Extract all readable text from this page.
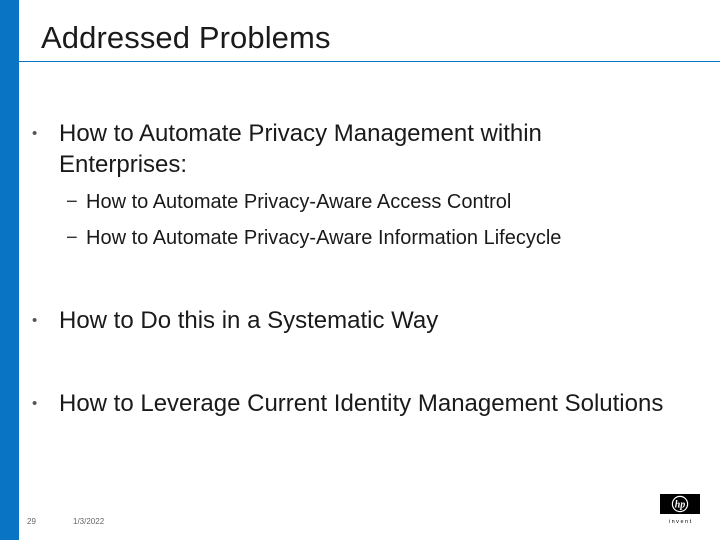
Addressed Problems
• How to Automate Privacy Management within Enterprises:
− How to Automate Privacy-Aware Access Control
− How to Automate Privacy-Aware Information Lifecycle
• How to Do this in a Systematic Way
• How to Leverage Current Identity Management Solutions
29	1/3/2022
hp
i n v e n t
